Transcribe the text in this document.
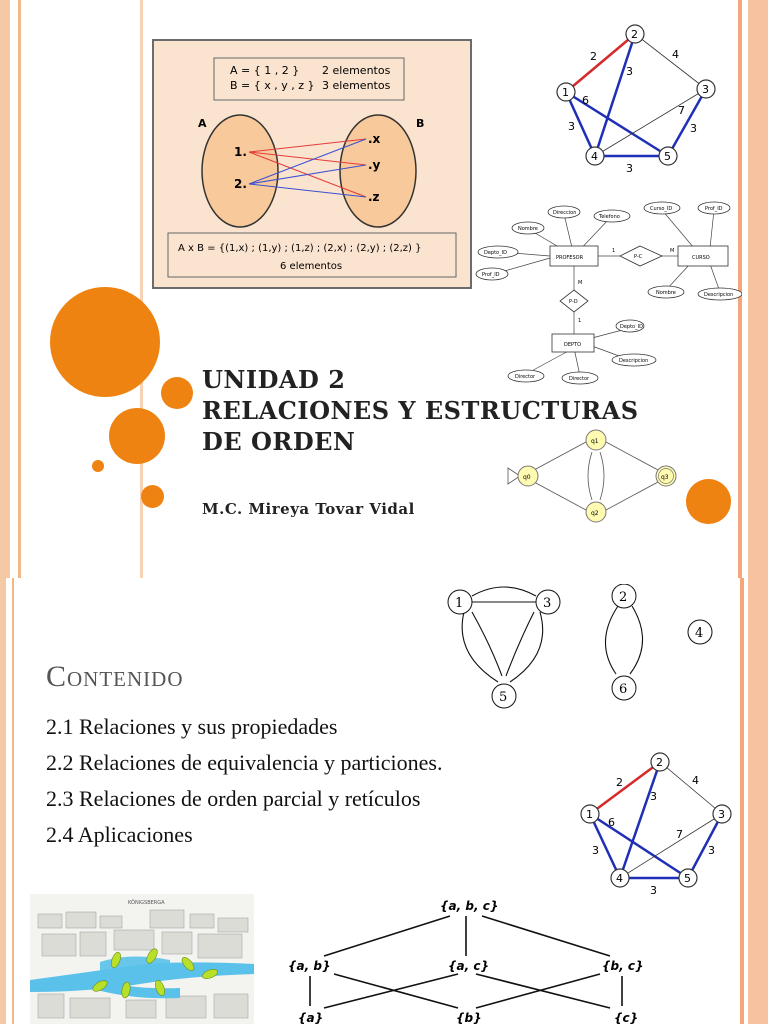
A = { 1 , 2 } 2 elementos
B = { x , y , z } 3 elementos
A	B
1.
2.
.x
.y
.z
A x B = {(1,x) ; (1,y) ; (1,z) ; (2,x) ; (2,y) ; (2,z) }
6 elementos
2
1	3
4	5
2	4
3
6
7
3	3
3
PROFESOR	CURSO
DEPTO
P-C
P-D
Direccion
Telefono
Nombre
Depto_ID
Prof_ID
Curso_ID	Prof_ID
Nombre	Descripcion
Depto_ID
Descripcion
Director	Director
1	M
M
1
q0
q1
q2
q3
UNIDAD 2
RELACIONES Y ESTRUCTURAS
DE ORDEN
M.C. Mireya Tovar Vidal
1	3
5
2
6
4
Contenido
2.1 Relaciones y sus propiedades
2.2 Relaciones de equivalencia y particiones.
2.3 Relaciones de orden parcial y retículos
2.4 Aplicaciones
2
1	3
4	5
2	4
3
6
7
3	3
3
KÖNIGSBERGA	{a, b, c}
{a, b}	{a, c}	{b, c}
{a}	{b}	{c}
